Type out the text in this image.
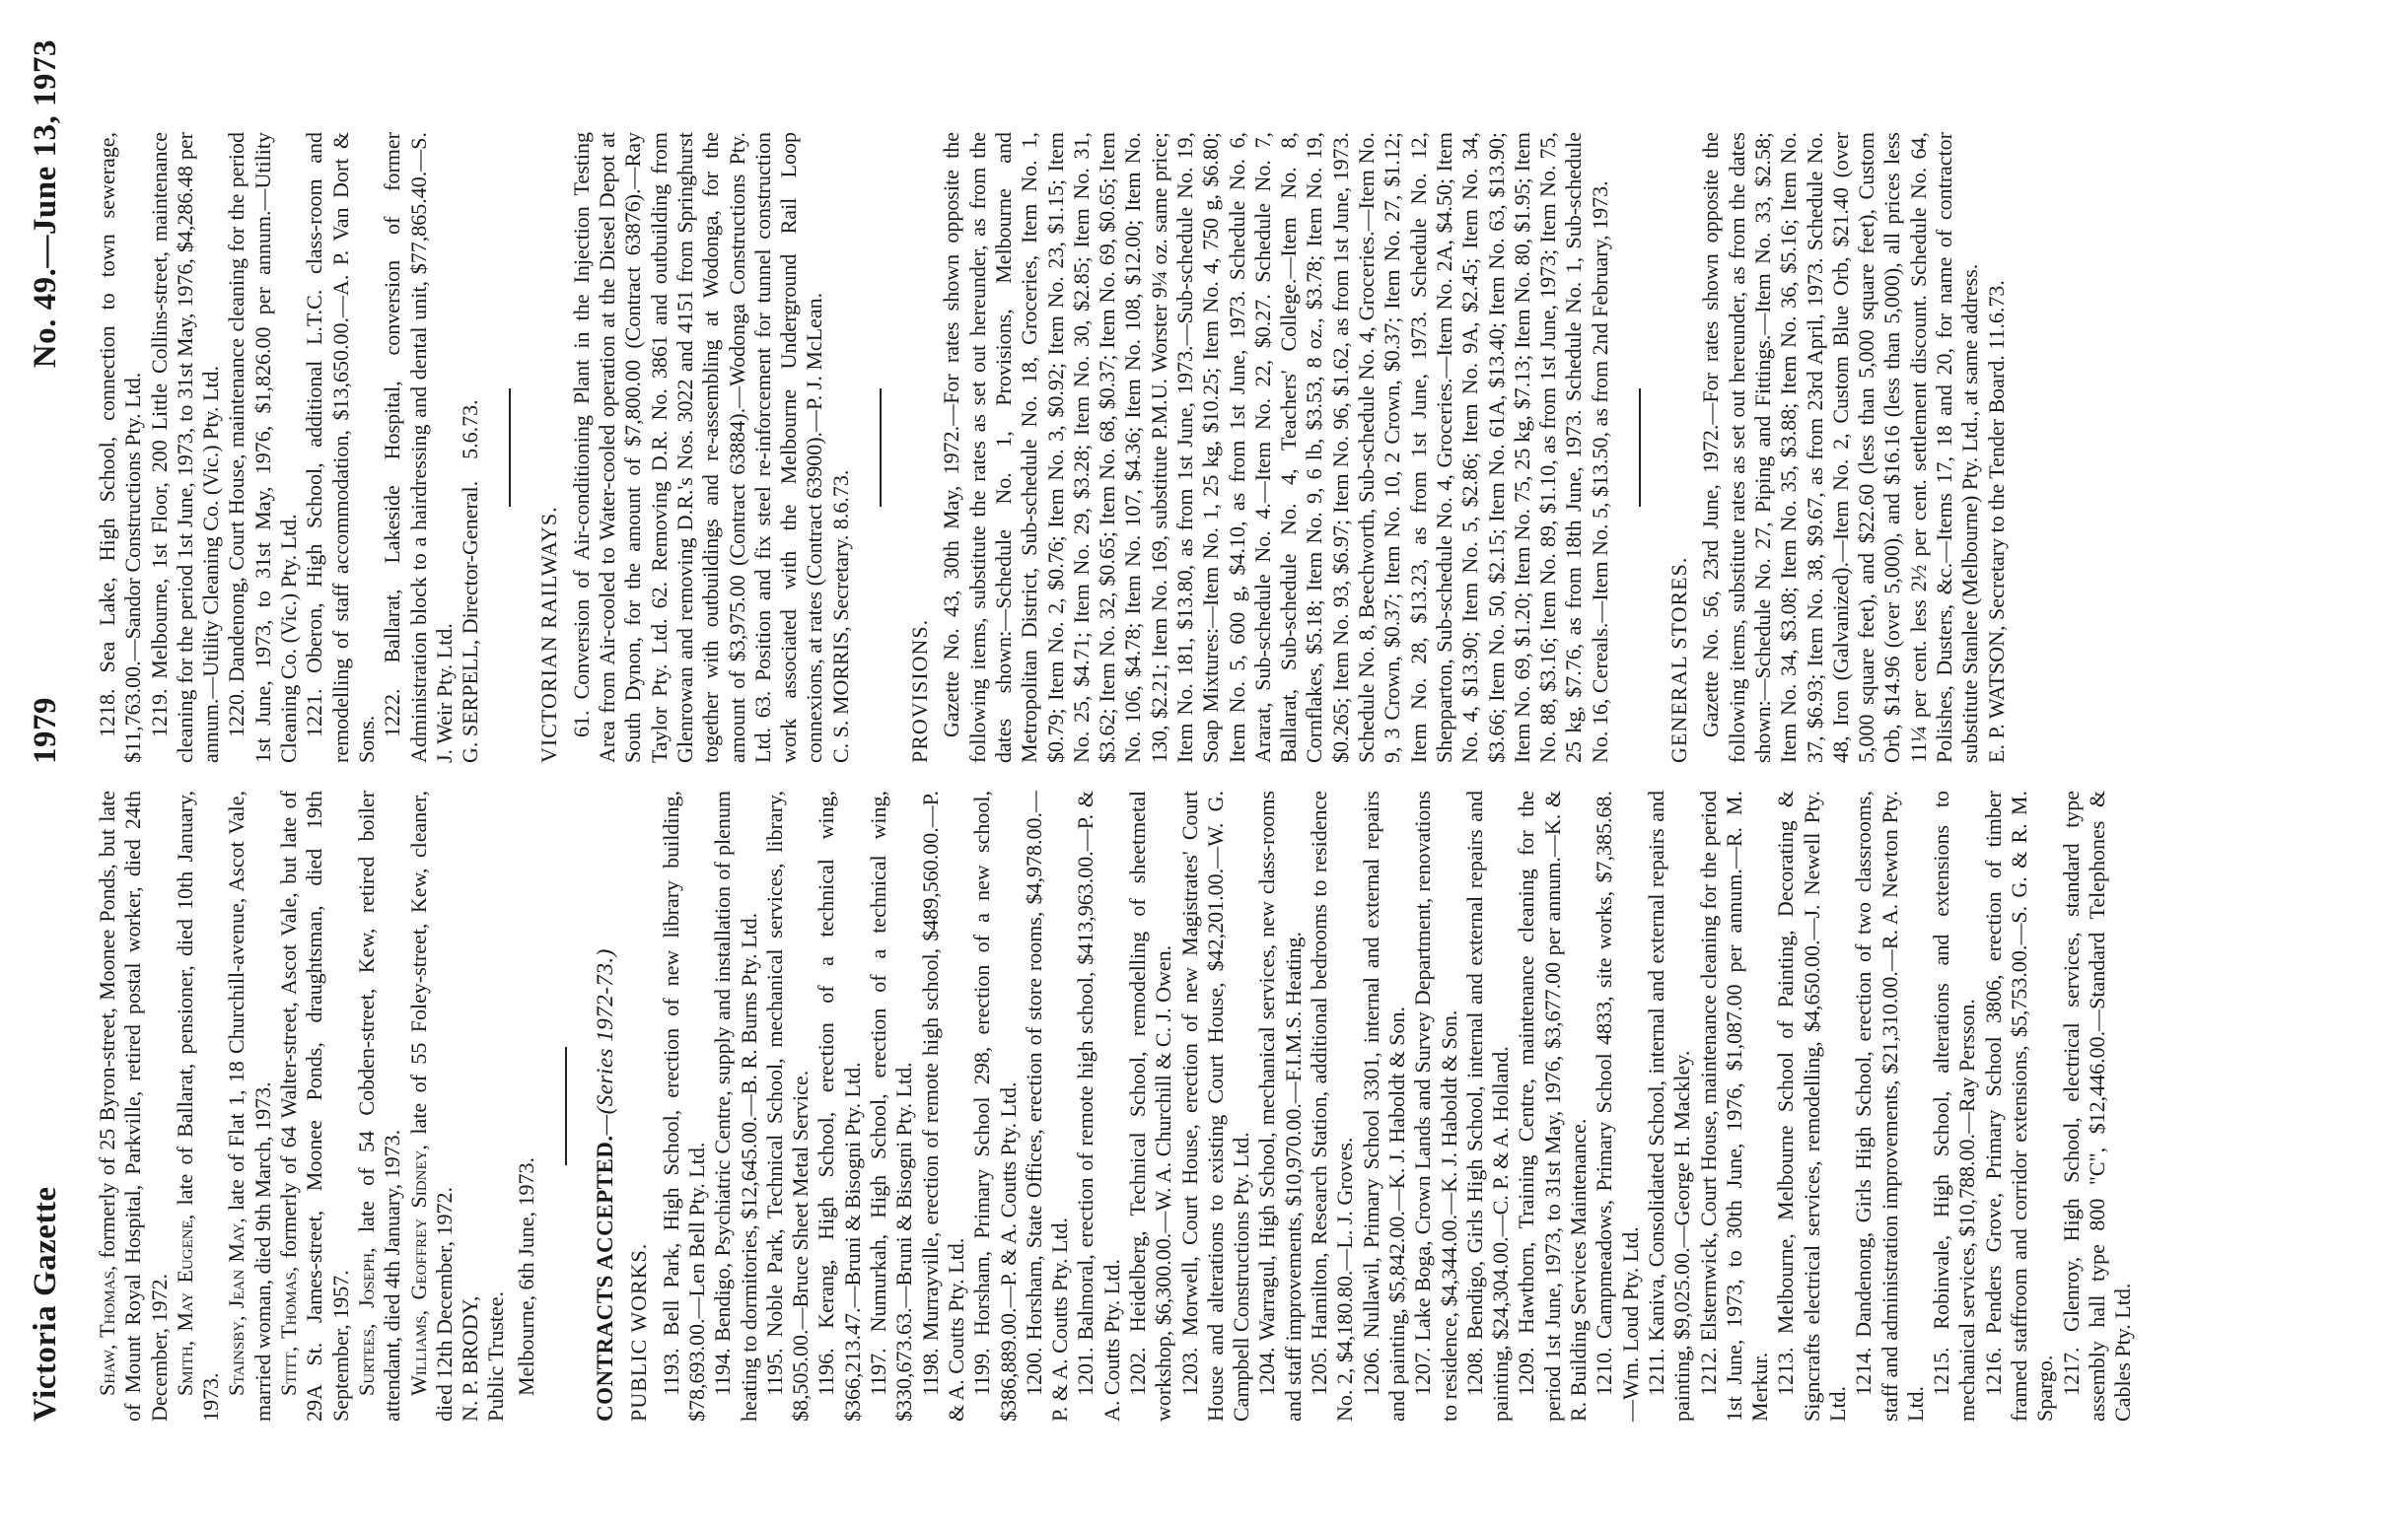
Victoria Gazette
1979
No. 49.—June 13, 1973

Shaw, Thomas, formerly of 25 Byron-street, Moonee Ponds, but late of Mount Royal Hospital, Parkville, retired postal worker, died 24th December, 1972. Smith, May Eugene, late of Ballarat, pensioner, died 10th January, 1973.

Stainsby, Jean May, late of Flat 1, 18 Churchill-avenue, Ascot Vale, married woman, died 9th March, 1973. Stitt, Thomas, formerly of 64 Walter-street, Ascot Vale, but late of 29A St. James-street, Moonee Ponds, draughtsman, died 19th September, 1957. Surtees, Joseph, late of 54 Cobden-street, Kew, retired boiler attendant, died 4th January, 1973. Williams, Geoffrey Sidney, late of 55 Foley-street, Kew, cleaner, died 12th December, 1972. N. P. BRODY, Public Trustee. Melbourne, 6th June, 1973. CONTRACTS ACCEPTED.—(Series 1972-73.)

PUBLIC WORKS. 1193. Bell Park, High School, erection of new library building, $78,693.00.—Len Bell Pty. Ltd. 1194. Bendigo, Psychiatric Centre, supply and installation of plenum heating to dormitories, $12,645.00.—B. R. Burns Pty. Ltd. 1195. Noble Park, Technical School, mechanical services, library, $8,505.00.—Bruce Sheet Metal Service. 1196. Kerang, High School, erection of a technical wing, $366,213.47.—Bruni & Bisogni Pty. Ltd. 1197. Numurkah, High School, erection of a technical wing, $330,673.63.—Bruni & Bisogni Pty. Ltd. 1198. Murrayville, erection of remote high school, $489,560.00.—P. & A. Coutts Pty. Ltd. 1199. Horsham, Primary School 298, erection of a new school, $386,889.00.—P. & A. Coutts Pty. Ltd. 1200. Horsham, State Offices, erection of store rooms, $4,978.00.—P. & A. Coutts Pty. Ltd. 1201. Balmoral, erection of remote high school, $413,963.00.—P. & A. Coutts Pty. Ltd. 1202. Heidelberg, Technical School, remodelling of sheetmetal workshop, $6,300.00.—W. A. Churchill & C. J. Owen. 1203. Morwell, Court House, erection of new Magistrates' Court House and alterations to existing Court House, $42,201.00.—W. G. Campbell Constructions Pty. Ltd. 1204. Warragul, High School, mechanical services, new class-rooms and staff improvements, $10,970.00.—F.I.M.S. Heating. 1205. Hamilton, Research Station, additional bedrooms to residence No. 2, $4,180.80.—L. J. Groves. 1206. Nullawil, Primary School 3301, internal and external repairs and painting, $5,842.00.—K. J. Haboldt & Son. 1207. Lake Boga, Crown Lands and Survey Department, renovations to residence, $4,344.00.—K. J. Haboldt & Son. 1208. Bendigo, Girls High School, internal and external repairs and painting, $24,304.00.—C. P. & A. Holland. 1209. Hawthorn, Training Centre, maintenance cleaning for the period 1st June, 1973, to 31st May, 1976, $3,677.00 per annum.—K. & R. Building Services Maintenance. 1210. Campmeadows, Primary School 4833, site works, $7,385.68.—Wm. Loud Pty. Ltd. 1211. Kaniva, Consolidated School, internal and external repairs and painting, $9,025.00.—George H. Mackley. 1212. Elsternwick, Court House, maintenance cleaning for the period 1st June, 1973, to 30th June, 1976, $1,087.00 per annum.—R. M. Merkur. 1213. Melbourne, Melbourne School of Painting, Decorating & Signcrafts electrical services, remodelling, $4,650.00.—J. Newell Pty. Ltd.

1214. Dandenong, Girls High School, erection of two classrooms, staff and administration improvements, $21,310.00.—R. A. Newton Pty. Ltd.

1215. Robinvale, High School, alterations and extensions to mechanical services, $10,788.00.—Ray Persson. 1216. Penders Grove, Primary School 3806, erection of timber framed staffroom and corridor extensions, $5,753.00.—S. G. & R. M. Spargo. 1217. Glenroy, High School, electrical services, standard type assembly hall type 800 "C", $12,446.00.—Standard Telephones & Cables Pty. Ltd.

1218. Sea Lake, High School, connection to town sewerage, $11,763.00.—Sandor Constructions Pty. Ltd. 1219. Melbourne, 1st Floor, 200 Little Collins-street, maintenance cleaning for the period 1st June, 1973, to 31st May, 1976, $4,286.48 per annum.—Utility Cleaning Co. (Vic.) Pty. Ltd. 1220. Dandenong, Court House, maintenance cleaning for the period 1st June, 1973, to 31st May, 1976, $1,826.00 per annum.—Utility Cleaning Co. (Vic.) Pty. Ltd. 1221. Oberon, High School, additional L.T.C. class-room and remodelling of staff accommodation, $13,650.00.—A. P. Van Dort & Sons.

1222. Ballarat, Lakeside Hospital, conversion of former Administration block to a hairdressing and dental unit, $77,865.40.—S. J. Weir Pty. Ltd. G. SERPELL, Director-General.    5.6.73.

VICTORIAN RAILWAYS. 61. Conversion of Air-conditioning Plant in the Injection Testing Area from Air-cooled to Water-cooled operation at the Diesel Depot at South Dynon, for the amount of $7,800.00 (Contract 63876).—Ray Taylor Pty. Ltd. 62. Removing D.R. No. 3861 and outbuilding from Glenrowan and removing D.R.'s Nos. 3022 and 4151 from Springhurst together with outbuildings and re-assembling at Wodonga, for the amount of $3,975.00 (Contract 63884).—Wodonga Constructions Pty. Ltd. 63. Position and fix steel re-inforcement for tunnel construction work associated with the Melbourne Underground Rail Loop connexions, at rates (Contract 63900).—P. J. McLean. C. S. MORRIS, Secretary. 8.6.73.	PROVISIONS. Gazette No. 43, 30th May, 1972.—For rates shown opposite the following items, substitute the rates as set out hereunder, as from the dates shown:—Schedule No. 1, Provisions, Melbourne and Metropolitan District, Sub-schedule No. 18, Groceries, Item No. 1, $0.79; Item No. 2, $0.76; Item No. 3, $0.92; Item No. 23, $1.15; Item No. 25, $4.71; Item No. 29, $3.28; Item No. 30, $2.85; Item No. 31, $3.62; Item No. 32, $0.65; Item No. 68, $0.37; Item No. 69, $0.65; Item No. 106, $4.78; Item No. 107, $4.36; Item No. 108, $12.00; Item No. 130, $2.21; Item No. 169, substitute P.M.U. Worster 9¼ oz. same price; Item No. 181, $13.80, as from 1st June, 1973.—Sub-schedule No. 19, Soap Mixtures:—Item No. 1, 25 kg, $10.25; Item No. 4, 750 g, $6.80; Item No. 5, 600 g, $4.10, as from 1st June, 1973. Schedule No. 6, Ararat, Sub-schedule No. 4.—Item No. 22, $0.27. Schedule No. 7, Ballarat, Sub-schedule No. 4, Teachers' College.—Item No. 8, Cornflakes, $5.18; Item No. 9, 6 lb, $3.53, 8 oz., $3.78; Item No. 19, $0.265; Item No. 93, $6.97; Item No. 96, $1.62, as from 1st June, 1973. Schedule No. 8, Beechworth, Sub-schedule No. 4, Groceries.—Item No. 9, 3 Crown, $0.37; Item No. 10, 2 Crown, $0.37; Item No. 27, $1.12; Item No. 28, $13.23, as from 1st June, 1973. Schedule No. 12, Shepparton, Sub-schedule No. 4, Groceries.—Item No. 2A, $4.50; Item No. 4, $13.90; Item No. 5, $2.86; Item No. 9A, $2.45; Item No. 34, $3.66; Item No. 50, $2.15; Item No. 61A, $13.40; Item No. 63, $13.90; Item No. 69, $1.20; Item No. 75, 25 kg, $7.13; Item No. 80, $1.95; Item No. 88, $3.16; Item No. 89, $1.10, as from 1st June, 1973; Item No. 75, 25 kg, $7.76, as from 18th June, 1973. Schedule No. 1, Sub-schedule No. 16, Cereals.—Item No. 5, $13.50, as from 2nd February, 1973.	GENERAL STORES. Gazette No. 56, 23rd June, 1972.—For rates shown opposite the following items, substitute rates as set out hereunder, as from the dates shown:—Schedule No. 27, Piping and Fittings.—Item No. 33, $2.58; Item No. 34, $3.08; Item No. 35, $3.88; Item No. 36, $5.16; Item No. 37, $6.93; Item No. 38, $9.67, as from 23rd April, 1973. Schedule No. 48, Iron (Galvanized).—Item No. 2, Custom Blue Orb, $21.40 (over 5,000 square feet), and $22.60 (less than 5,000 square feet), Custom Orb, $14.96 (over 5,000), and $16.16 (less than 5,000), all prices less 11¼ per cent. less 2½ per cent. settlement discount. Schedule No. 64, Polishes, Dusters, &c.—Items 17, 18 and 20, for name of contractor substitute Stanlee (Melbourne) Pty. Ltd., at same address. E. P. WATSON, Secretary to the Tender Board. 11.6.73.
